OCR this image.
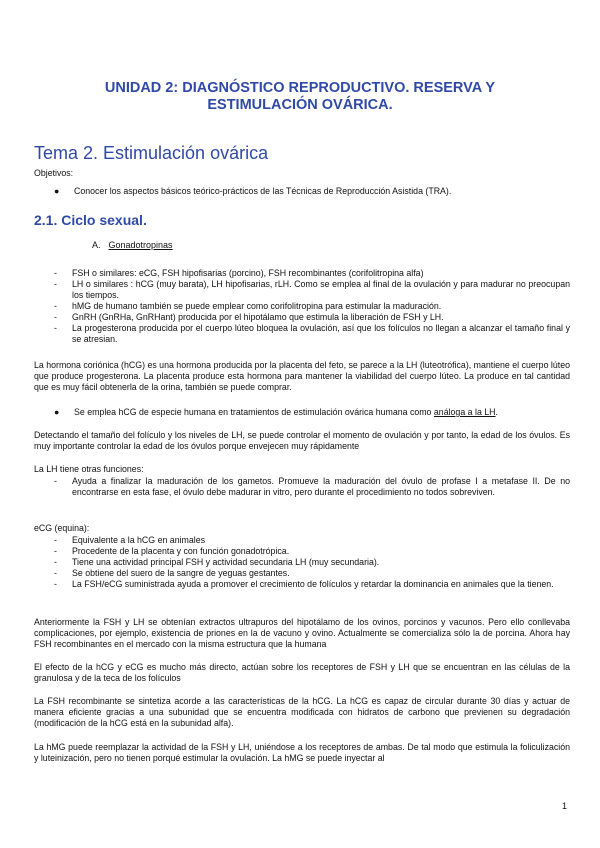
UNIDAD 2: DIAGNÓSTICO REPRODUCTIVO. RESERVA Y ESTIMULACIÓN OVÁRICA.
Tema 2. Estimulación ovárica
Objetivos:
●	Conocer los aspectos básicos teórico-prácticos de las Técnicas de Reproducción Asistida (TRA).
2.1. Ciclo sexual.
A. Gonadotropinas
- FSH o similares: eCG, FSH hipofisarias (porcino), FSH recombinantes (corifolitropina alfa)
- LH o similares : hCG (muy barata), LH hipofisarias, rLH. Como se emplea al final de la ovulación y para madurar no preocupan los tiempos.
- hMG de humano también se puede emplear como corifolitropina para estimular la maduración.
- GnRH (GnRHa, GnRHant) producida por el hipotálamo que estimula la liberación de FSH y LH.
- La progesterona producida por el cuerpo lúteo bloquea la ovulación, así que los folículos no llegan a alcanzar el tamaño final y se atresian.

La hormona coriónica (hCG) es una hormona producida por la placenta del feto, se parece a la LH (luteotrófica), mantiene el cuerpo lúteo que produce progesterona. La placenta produce esta hormona para mantener la viabilidad del cuerpo lúteo. La produce en tal cantidad que es muy fácil obtenerla de la orina, también se puede comprar.

●	Se emplea hCG de especie humana en tratamientos de estimulación ovárica humana como análoga a la LH.

Detectando el tamaño del folículo y los niveles de LH, se puede controlar el momento de ovulación y por tanto, la edad de los óvulos. Es muy importante controlar la edad de los óvulos porque envejecen muy rápidamente

La LH tiene otras funciones:
- Ayuda a finalizar la maduración de los gametos. Promueve la maduración del óvulo de profase I a metafase II. De no encontrarse en esta fase, el óvulo debe madurar in vitro, pero durante el procedimiento no todos sobreviven.
eCG (equina):
- Equivalente a la hCG en animales
- Procedente de la placenta y con función gonadotrópica.
- Tiene una actividad principal FSH y actividad secundaria LH (muy secundaria).
- Se obtiene del suero de la sangre de yeguas gestantes.
- La FSH/eCG suministrada ayuda a promover el crecimiento de folículos y retardar la dominancia en animales que la tienen.

Anteriormente la FSH y LH se obtenían extractos ultrapuros del hipotálamo de los ovinos, porcinos y vacunos. Pero ello conllevaba complicaciones, por ejemplo, existencia de priones en la de vacuno y ovino. Actualmente se comercializa sólo la de porcina. Ahora hay FSH recombinantes en el mercado con la misma estructura que la humana

El efecto de la hCG y eCG es mucho más directo, actúan sobre los receptores de FSH y LH que se encuentran en las células de la granulosa y de la teca de los folículos

La FSH recombinante se sintetiza acorde a las características de la hCG. La hCG es capaz de circular durante 30 días y actuar de manera eficiente gracias a una subunidad que se encuentra modificada con hidratos de carbono que previenen su degradación (modificación de la hCG está en la subunidad alfa).

La hMG puede reemplazar la actividad de la FSH y LH, uniéndose a los receptores de ambas. De tal modo que estimula la foliculización y luteinización, pero no tienen porqué estimular la ovulación. La hMG se puede inyectar al

1
